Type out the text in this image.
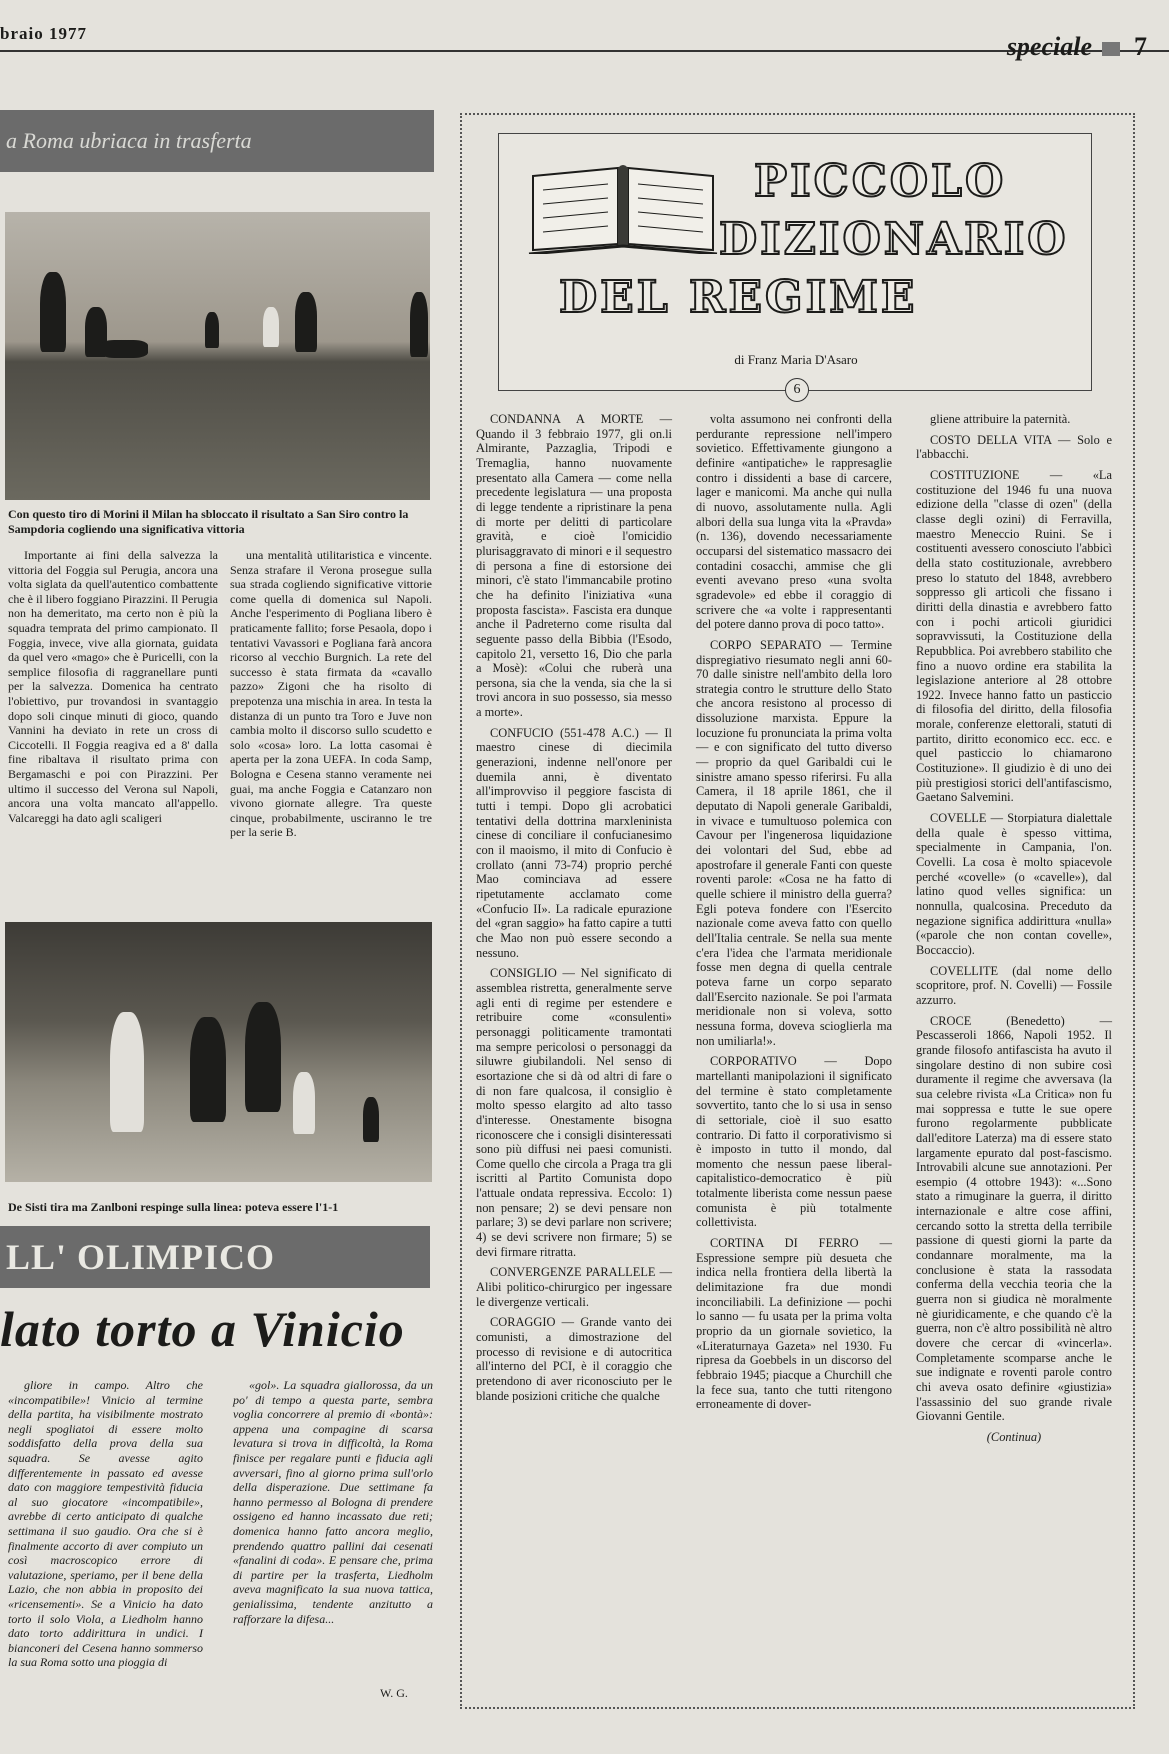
braio 1977	speciale 7
a Roma ubriaca in trasferta
Con questo tiro di Morini il Milan ha sbloccato il risultato a San Siro contro la Sampdoria cogliendo una significativa vittoria

Importante ai fini della salvezza la vittoria del Foggia sul Perugia, ancora una volta siglata da quell'autentico combattente che è il libero foggiano Pirazzini. Il Perugia non ha demeritato, ma certo non è più la squadra temprata del primo campionato. Il Foggia, invece, vive alla giornata, guidata da quel vero «mago» che è Puricelli, con la semplice filosofia di raggranellare punti per la salvezza. Domenica ha centrato l'obiettivo, pur trovandosi in svantaggio dopo soli cinque minuti di gioco, quando Vannini ha deviato in rete un cross di Ciccotelli. Il Foggia reagiva ed a 8' dalla fine ribaltava il risultato prima con Bergamaschi e poi con Pirazzini. Per ultimo il successo del Verona sul Napoli, ancora una volta mancato all'appello. Valcareggi ha dato agli scaligeri

una mentalità utilitaristica e vincente. Senza strafare il Verona prosegue sulla sua strada cogliendo significative vittorie come quella di domenica sul Napoli. Anche l'esperimento di Pogliana libero è praticamente fallito; forse Pesaola, dopo i tentativi Vavassori e Pogliana farà ancora ricorso al vecchio Burgnich. La rete del successo è stata firmata da «cavallo pazzo» Zigoni che ha risolto di prepotenza una mischia in area. In testa la distanza di un punto tra Toro e Juve non cambia molto il discorso sullo scudetto e solo «cosa» loro. La lotta casomai è aperta per la zona UEFA. In coda Samp, Bologna e Cesena stanno veramente nei guai, ma anche Foggia e Catanzaro non vivono giornate allegre. Tra queste cinque, probabilmente, usciranno le tre per la serie B.

De Sisti tira ma Zanlboni respinge sulla linea: poteva essere l'1-1
LL' OLIMPICO
lato torto a Vinicio

gliore in campo. Altro che «incompatibile»! Vinicio al termine della partita, ha visibilmente mostrato negli spogliatoi di essere molto soddisfatto della prova della sua squadra. Se avesse agito differentemente in passato ed avesse dato con maggiore tempestività fiducia al suo giocatore «incompatibile», avrebbe di certo anticipato di qualche settimana il suo gaudio. Ora che si è finalmente accorto di aver compiuto un così macroscopico errore di valutazione, speriamo, per il bene della Lazio, che non abbia in proposito dei «ricensementi». Se a Vinicio ha dato torto il solo Viola, a Liedholm hanno dato torto addirittura in undici. I bianconeri del Cesena hanno sommerso la sua Roma sotto una pioggia di

«gol». La squadra giallorossa, da un po' di tempo a questa parte, sembra voglia concorrere al premio di «bontà»: appena una compagine di scarsa levatura si trova in difficoltà, la Roma finisce per regalare punti e fiducia agli avversari, fino al giorno prima sull'orlo della disperazione. Due settimane fa hanno permesso al Bologna di prendere ossigeno ed hanno incassato due reti; domenica hanno fatto ancora meglio, prendendo quattro pallini dai cesenati «fanalini di coda». E pensare che, prima di partire per la trasferta, Liedholm aveva magnificato la sua nuova tattica, genialissima, tendente anzitutto a rafforzare la difesa...

W. G.
PICCOLO
DIZIONARIO
DEL REGIME
di Franz Maria D'Asaro
6

CONDANNA A MORTE — Quando il 3 febbraio 1977, gli on.li Almirante, Pazzaglia, Tripodi e Tremaglia, hanno nuovamente presentato alla Camera — come nella precedente legislatura — una proposta di legge tendente a ripristinare la pena di morte per delitti di particolare gravità, e cioè l'omicidio plurisaggravato di minori e il sequestro di persona a fine di estorsione dei minori, c'è stato l'immancabile protino che ha definito l'iniziativa «una proposta fascista». Fascista era dunque anche il Padreterno come risulta dal seguente passo della Bibbia (l'Esodo, capitolo 21, versetto 16, Dio che parla a Mosè): «Colui che ruberà una persona, sia che la venda, sia che la si trovi ancora in suo possesso, sia messo a morte».

CONFUCIO (551-478 A.C.) — Il maestro cinese di diecimila generazioni, indenne nell'onore per duemila anni, è diventato all'improvviso il peggiore fascista di tutti i tempi. Dopo gli acrobatici tentativi della dottrina marxleninista cinese di conciliare il confucianesimo con il maoismo, il mito di Confucio è crollato (anni 73-74) proprio perché Mao cominciava ad essere ripetutamente acclamato come «Confucio II». La radicale epurazione del «gran saggio» ha fatto capire a tutti che Mao non può essere secondo a nessuno.

CONSIGLIO — Nel significato di assemblea ristretta, generalmente serve agli enti di regime per estendere e retribuire come «consulenti» personaggi politicamente tramontati ma sempre pericolosi o personaggi da siluwre giubilandoli. Nel senso di esortazione che si dà od altri di fare o di non fare qualcosa, il consiglio è molto spesso elargito ad alto tasso d'interesse. Onestamente bisogna riconoscere che i consigli disinteressati sono più diffusi nei paesi comunisti. Come quello che circola a Praga tra gli iscritti al Partito Comunista dopo l'attuale ondata repressiva. Eccolo: 1) non pensare; 2) se devi pensare non parlare; 3) se devi parlare non scrivere; 4) se devi scrivere non firmare; 5) se devi firmare ritratta.

CONVERGENZE PARALLELE — Alibi politico-chirurgico per ingessare le divergenze verticali.

CORAGGIO — Grande vanto dei comunisti, a dimostrazione del processo di revisione e di autocritica all'interno del PCI, è il coraggio che pretendono di aver riconosciuto per le blande posizioni critiche che qualche

volta assumono nei confronti della perdurante repressione nell'impero sovietico. Effettivamente giungono a definire «antipatiche» le rappresaglie contro i dissidenti a base di carcere, lager e manicomi. Ma anche qui nulla di nuovo, assolutamente nulla. Agli albori della sua lunga vita la «Pravda» (n. 136), dovendo necessariamente occuparsi del sistematico massacro dei contadini cosacchi, ammise che gli eventi avevano preso «una svolta sgradevole» ed ebbe il coraggio di scrivere che «a volte i rappresentanti del potere danno prova di poco tatto».

CORPO SEPARATO — Termine dispregiativo riesumato negli anni 60-70 dalle sinistre nell'ambito della loro strategia contro le strutture dello Stato che ancora resistono al processo di dissoluzione marxista. Eppure la locuzione fu pronunciata la prima volta — e con significato del tutto diverso — proprio da quel Garibaldi cui le sinistre amano spesso riferirsi. Fu alla Camera, il 18 aprile 1861, che il deputato di Napoli generale Garibaldi, in vivace e tumultuoso polemica con Cavour per l'ingenerosa liquidazione dei volontari del Sud, ebbe ad apostrofare il generale Fanti con queste roventi parole: «Cosa ne ha fatto di quelle schiere il ministro della guerra? Egli poteva fondere con l'Esercito nazionale come aveva fatto con quello dell'Italia centrale. Se nella sua mente c'era l'idea che l'armata meridionale fosse men degna di quella centrale poteva farne un corpo separato dall'Esercito nazionale. Se poi l'armata meridionale non si voleva, sotto nessuna forma, doveva scioglierla ma non umiliarla!».

CORPORATIVO — Dopo martellanti manipolazioni il significato del termine è stato completamente sovvertito, tanto che lo si usa in senso di settoriale, cioè il suo esatto contrario. Di fatto il corporativismo si è imposto in tutto il mondo, dal momento che nessun paese liberal-capitalistico-democratico è più totalmente liberista come nessun paese comunista è più totalmente collettivista.

CORTINA DI FERRO — Espressione sempre più desueta che indica nella frontiera della libertà la delimitazione fra due mondi inconciliabili. La definizione — pochi lo sanno — fu usata per la prima volta proprio da un giornale sovietico, la «Literaturnaya Gazeta» nel 1930. Fu ripresa da Goebbels in un discorso del febbraio 1945; piacque a Churchill che la fece sua, tanto che tutti ritengono erroneamente di dover-

gliene attribuire la paternità.

COSTO DELLA VITA — Solo e l'abbacchi.

COSTITUZIONE — «La costituzione del 1946 fu una nuova edizione della "classe di ozen" (della classe degli ozini) di Ferravilla, maestro Meneccio Ruini. Se i costituenti avessero conosciuto l'abbicì della stato costituzionale, avrebbero preso lo statuto del 1848, avrebbero soppresso gli articoli che fissano i diritti della dinastia e avrebbero fatto con i pochi articoli giuridici sopravvissuti, la Costituzione della Repubblica. Poi avrebbero stabilito che fino a nuovo ordine era stabilita la legislazione anteriore al 28 ottobre 1922. Invece hanno fatto un pasticcio di filosofia del diritto, della filosofia morale, conferenze elettorali, statuti di partito, diritto economico ecc. ecc. e quel pasticcio lo chiamarono Costituzione». Il giudizio è di uno dei più prestigiosi storici dell'antifascismo, Gaetano Salvemini.

COVELLE — Storpiatura dialettale della quale è spesso vittima, specialmente in Campania, l'on. Covelli. La cosa è molto spiacevole perché «covelle» (o «cavelle»), dal latino quod velles significa: un nonnulla, qualcosina. Preceduto da negazione significa addirittura «nulla» («parole che non contan covelle», Boccaccio).

COVELLITE (dal nome dello scopritore, prof. N. Covelli) — Fossile azzurro.

CROCE (Benedetto) — Pescasseroli 1866, Napoli 1952. Il grande filosofo antifascista ha avuto il singolare destino di non subire così duramente il regime che avversava (la sua celebre rivista «La Critica» non fu mai soppressa e tutte le sue opere furono regolarmente pubblicate dall'editore Laterza) ma di essere stato largamente epurato dal post-fascismo. Introvabili alcune sue annotazioni. Per esempio (4 ottobre 1943): «...Sono stato a rimuginare la guerra, il diritto internazionale e altre cose affini, cercando sotto la stretta della terribile passione di questi giorni la parte da condannare moralmente, ma la conclusione è stata la rassodata conferma della vecchia teoria che la guerra non si giudica nè moralmente nè giuridicamente, e che quando c'è la guerra, non c'è altro possibilità nè altro dovere che cercar di «vincerla». Completamente scomparse anche le sue indignate e roventi parole contro chi aveva osato definire «giustizia» l'assassinio del suo grande rivale Giovanni Gentile.

(Continua)
